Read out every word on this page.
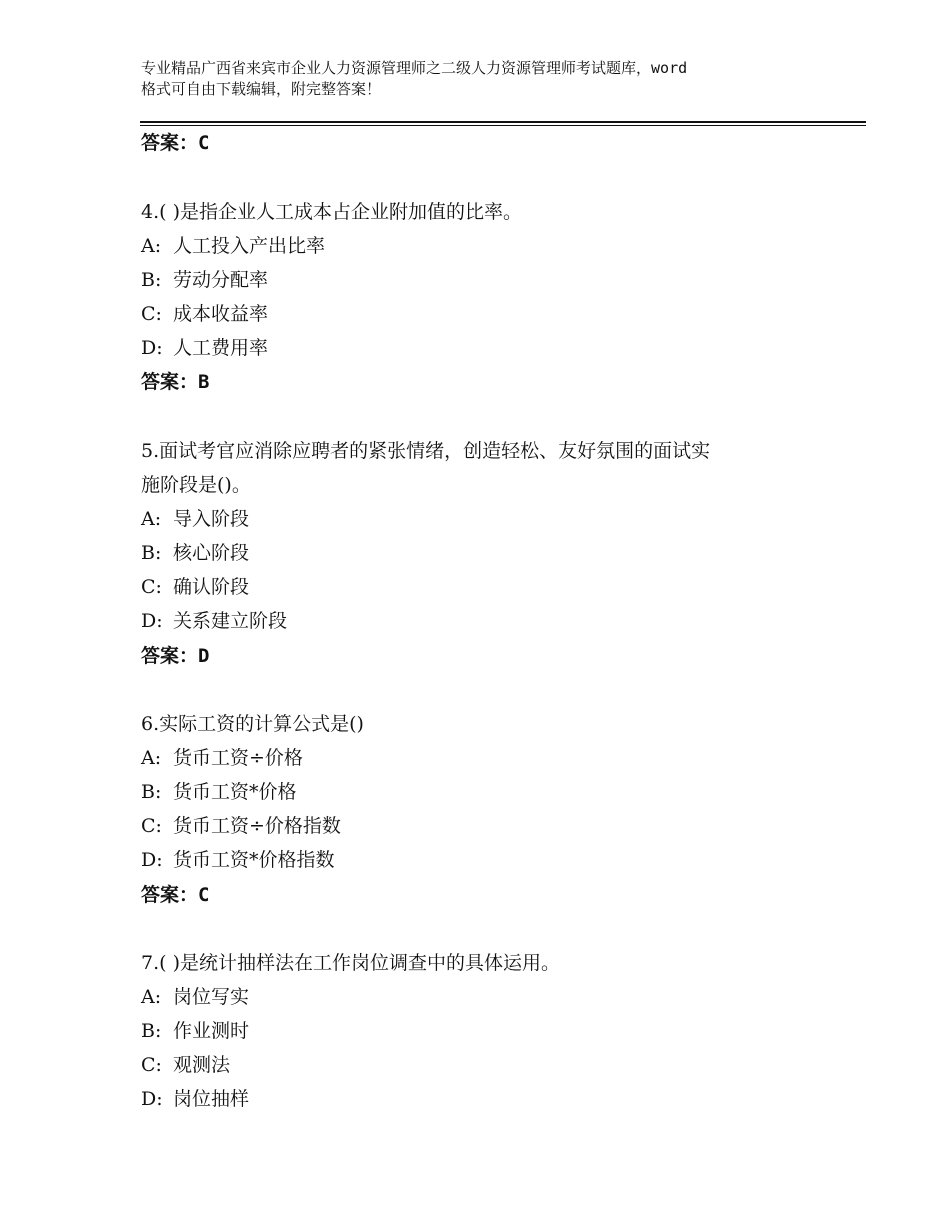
专业精品广西省来宾市企业人力资源管理师之二级人力资源管理师考试题库，word
格式可自由下载编辑，附完整答案！
答案：C
4.( )是指企业人工成本占企业附加值的比率。
A: 人工投入产出比率
B: 劳动分配率
C: 成本收益率
D: 人工费用率
答案：B
5.面试考官应消除应聘者的紧张情绪，创造轻松、友好氛围的面试实
施阶段是()。
A: 导入阶段
B: 核心阶段
C: 确认阶段
D: 关系建立阶段
答案：D
6.实际工资的计算公式是()
A: 货币工资÷价格
B: 货币工资*价格
C: 货币工资÷价格指数
D: 货币工资*价格指数
答案：C
7.( )是统计抽样法在工作岗位调查中的具体运用。
A: 岗位写实
B: 作业测时
C: 观测法
D: 岗位抽样
